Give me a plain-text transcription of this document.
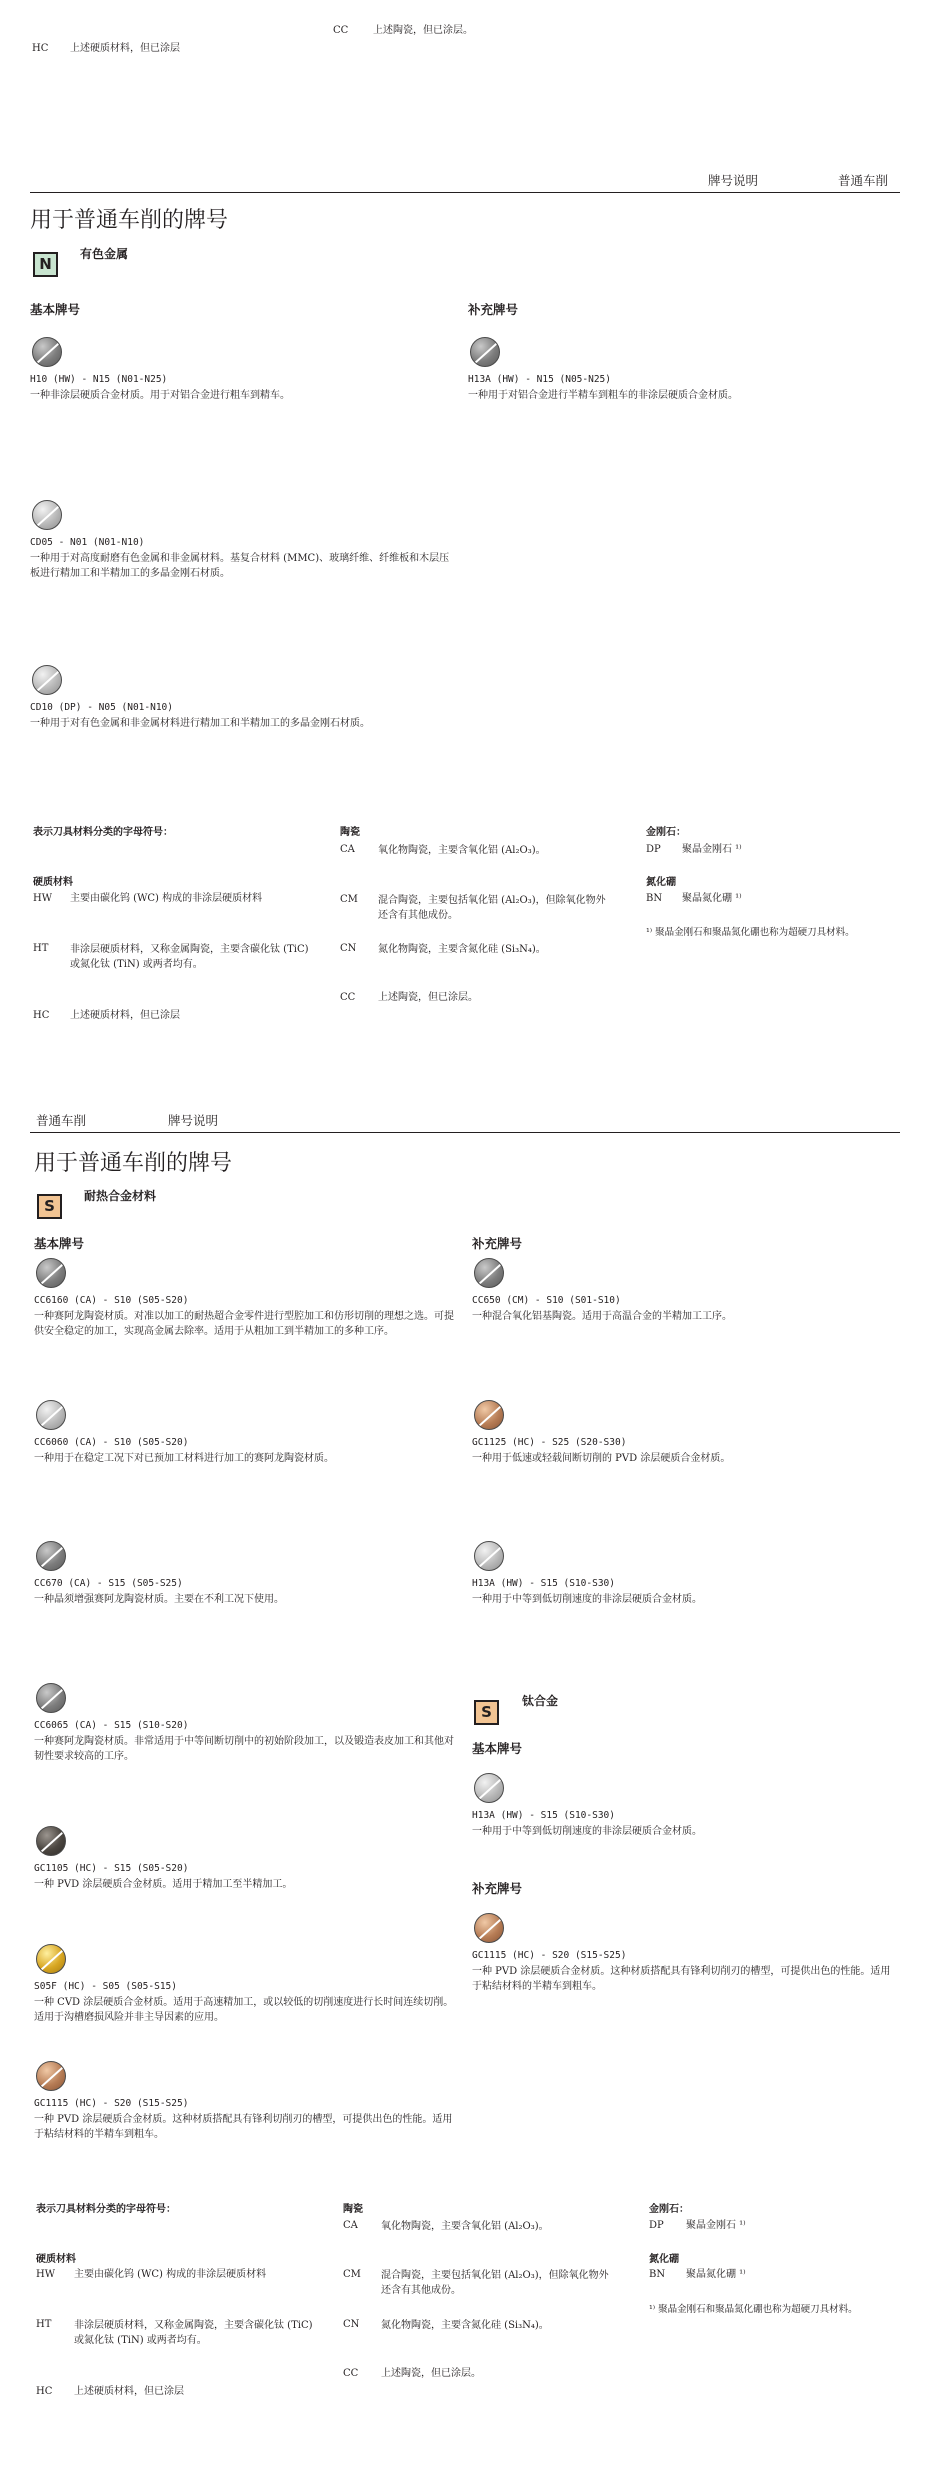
CC 上述陶瓷，但已涂层。
HC 上述硬质材料，但已涂层
牌号说明	普通车削
用于普通车削的牌号
N
有色金属
基本牌号	补充牌号
H10 (HW) - N15 (N01-N25)
一种非涂层硬质合金材质。用于对铝合金进行粗车到精车。
H13A (HW) - N15 (N05-N25)
一种用于对铝合金进行半精车到粗车的非涂层硬质合金材质。
CD05 - N01 (N01-N10)
一种用于对高度耐磨有色金属和非金属材料。基复合材料 (MMC)、玻璃纤维、纤维板和木层压板进行精加工和半精加工的多晶金刚石材质。
CD10 (DP) - N05 (N01-N10)
一种用于对有色金属和非金属材料进行精加工和半精加工的多晶金刚石材质。
表示刀具材料分类的字母符号：
硬质材料
HW 主要由碳化钨 (WC) 构成的非涂层硬质材料
HT 非涂层硬质材料，又称金属陶瓷，主要含碳化钛 (TiC) 或氮化钛 (TiN) 或两者均有。
HC 上述硬质材料，但已涂层
陶瓷
CA 氧化物陶瓷，主要含氧化铝 (Al₂O₃)。
CM 混合陶瓷，主要包括氧化铝 (Al₂O₃)，但除氧化物外还含有其他成份。
CN 氮化物陶瓷，主要含氮化硅 (Si₃N₄)。
CC 上述陶瓷，但已涂层。
金刚石：
DP 聚晶金刚石 ¹⁾
氮化硼
BN 聚晶氮化硼 ¹⁾
¹⁾ 聚晶金刚石和聚晶氮化硼也称为超硬刀具材料。
普通车削	牌号说明
用于普通车削的牌号
S
耐热合金材料
基本牌号	补充牌号
CC6160 (CA) - S10 (S05-S20)
一种赛阿龙陶瓷材质。对准以加工的耐热超合金零件进行型腔加工和仿形切削的理想之选。可提供安全稳定的加工，实现高金属去除率。适用于从粗加工到半精加工的多种工序。
CC6060 (CA) - S10 (S05-S20)
一种用于在稳定工况下对已预加工材料进行加工的赛阿龙陶瓷材质。
CC670 (CA) - S15 (S05-S25)
一种晶须增强赛阿龙陶瓷材质。主要在不利工况下使用。
CC6065 (CA) - S15 (S10-S20)
一种赛阿龙陶瓷材质。非常适用于中等间断切削中的初始阶段加工，以及锻造表皮加工和其他对韧性要求较高的工序。
GC1105 (HC) - S15 (S05-S20)
一种 PVD 涂层硬质合金材质。适用于精加工至半精加工。
S05F (HC) - S05 (S05-S15)
一种 CVD 涂层硬质合金材质。适用于高速精加工，或以较低的切削速度进行长时间连续切削。适用于沟槽磨损风险并非主导因素的应用。
GC1115 (HC) - S20 (S15-S25)
一种 PVD 涂层硬质合金材质。这种材质搭配具有锋利切削刃的槽型，可提供出色的性能。适用于粘结材料的半精车到粗车。
CC650 (CM) - S10 (S01-S10)
一种混合氧化铝基陶瓷。适用于高温合金的半精加工工序。
GC1125 (HC) - S25 (S20-S30)
一种用于低速或轻载间断切削的 PVD 涂层硬质合金材质。
H13A (HW) - S15 (S10-S30)
一种用于中等到低切削速度的非涂层硬质合金材质。
S
钛合金
基本牌号
H13A (HW) - S15 (S10-S30)
一种用于中等到低切削速度的非涂层硬质合金材质。
补充牌号
GC1115 (HC) - S20 (S15-S25)
一种 PVD 涂层硬质合金材质。这种材质搭配具有锋利切削刃的槽型，可提供出色的性能。适用于粘结材料的半精车到粗车。
表示刀具材料分类的字母符号：
硬质材料
HW 主要由碳化钨 (WC) 构成的非涂层硬质材料
HT 非涂层硬质材料，又称金属陶瓷，主要含碳化钛 (TiC) 或氮化钛 (TiN) 或两者均有。
HC 上述硬质材料，但已涂层
陶瓷
CA 氧化物陶瓷，主要含氧化铝 (Al₂O₃)。
CM 混合陶瓷，主要包括氧化铝 (Al₂O₃)，但除氧化物外还含有其他成份。
CN 氮化物陶瓷，主要含氮化硅 (Si₃N₄)。
CC 上述陶瓷，但已涂层。
金刚石：
DP 聚晶金刚石 ¹⁾
氮化硼
BN 聚晶氮化硼 ¹⁾
¹⁾ 聚晶金刚石和聚晶氮化硼也称为超硬刀具材料。
